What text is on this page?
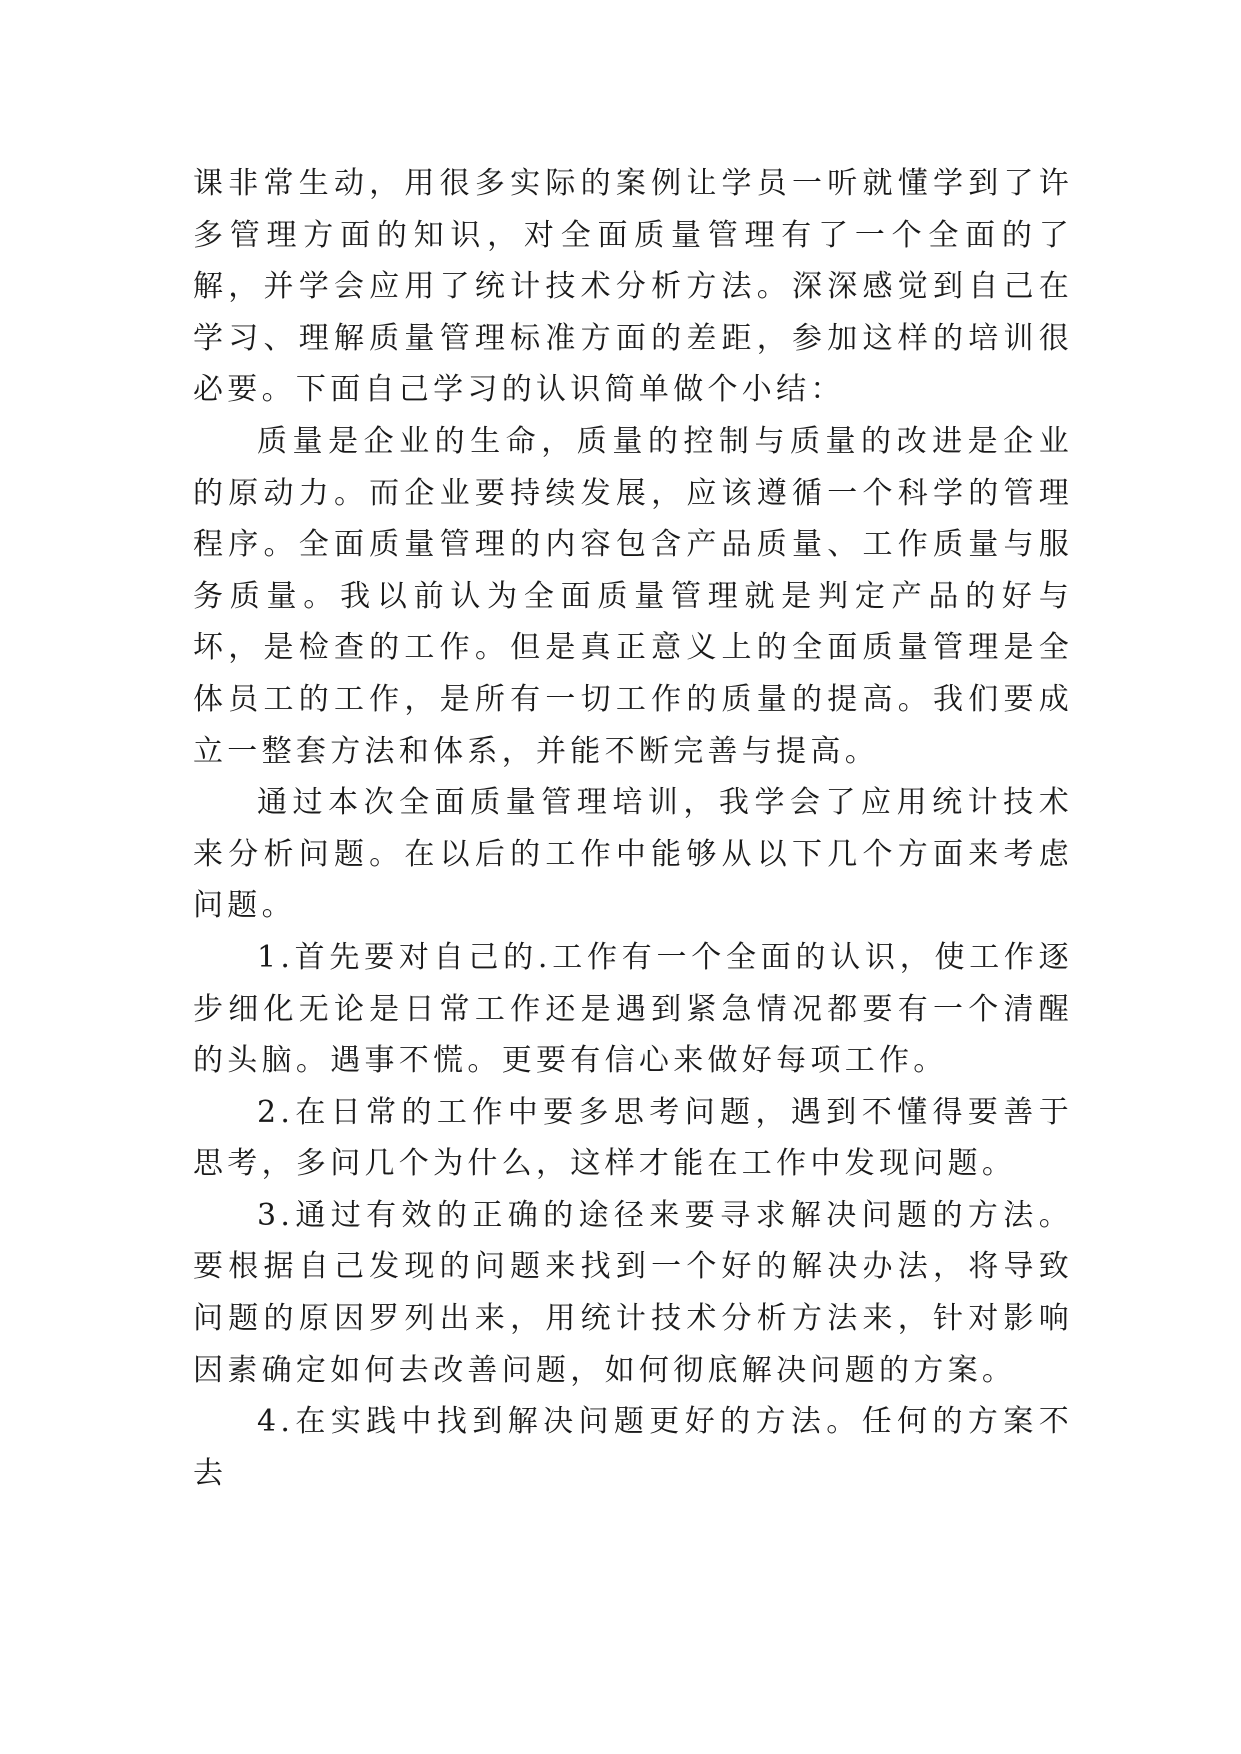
课非常生动，用很多实际的案例让学员一听就懂学到了许多管理方面的知识，对全面质量管理有了一个全面的了解，并学会应用了统计技术分析方法。深深感觉到自己在学习、理解质量管理标准方面的差距，参加这样的培训很必要。下面自己学习的认识简单做个小结：

质量是企业的生命，质量的控制与质量的改进是企业的原动力。而企业要持续发展，应该遵循一个科学的管理程序。全面质量管理的内容包含产品质量、工作质量与服务质量。我以前认为全面质量管理就是判定产品的好与坏，是检查的工作。但是真正意义上的全面质量管理是全体员工的工作，是所有一切工作的质量的提高。我们要成立一整套方法和体系，并能不断完善与提高。

通过本次全面质量管理培训，我学会了应用统计技术来分析问题。在以后的工作中能够从以下几个方面来考虑问题。

1.首先要对自己的.工作有一个全面的认识，使工作逐步细化无论是日常工作还是遇到紧急情况都要有一个清醒的头脑。遇事不慌。更要有信心来做好每项工作。

2.在日常的工作中要多思考问题，遇到不懂得要善于思考，多问几个为什么，这样才能在工作中发现问题。

3.通过有效的正确的途径来要寻求解决问题的方法。要根据自己发现的问题来找到一个好的解决办法，将导致问题的原因罗列出来，用统计技术分析方法来，针对影响因素确定如何去改善问题，如何彻底解决问题的方案。

4.在实践中找到解决问题更好的方法。任何的方案不去
